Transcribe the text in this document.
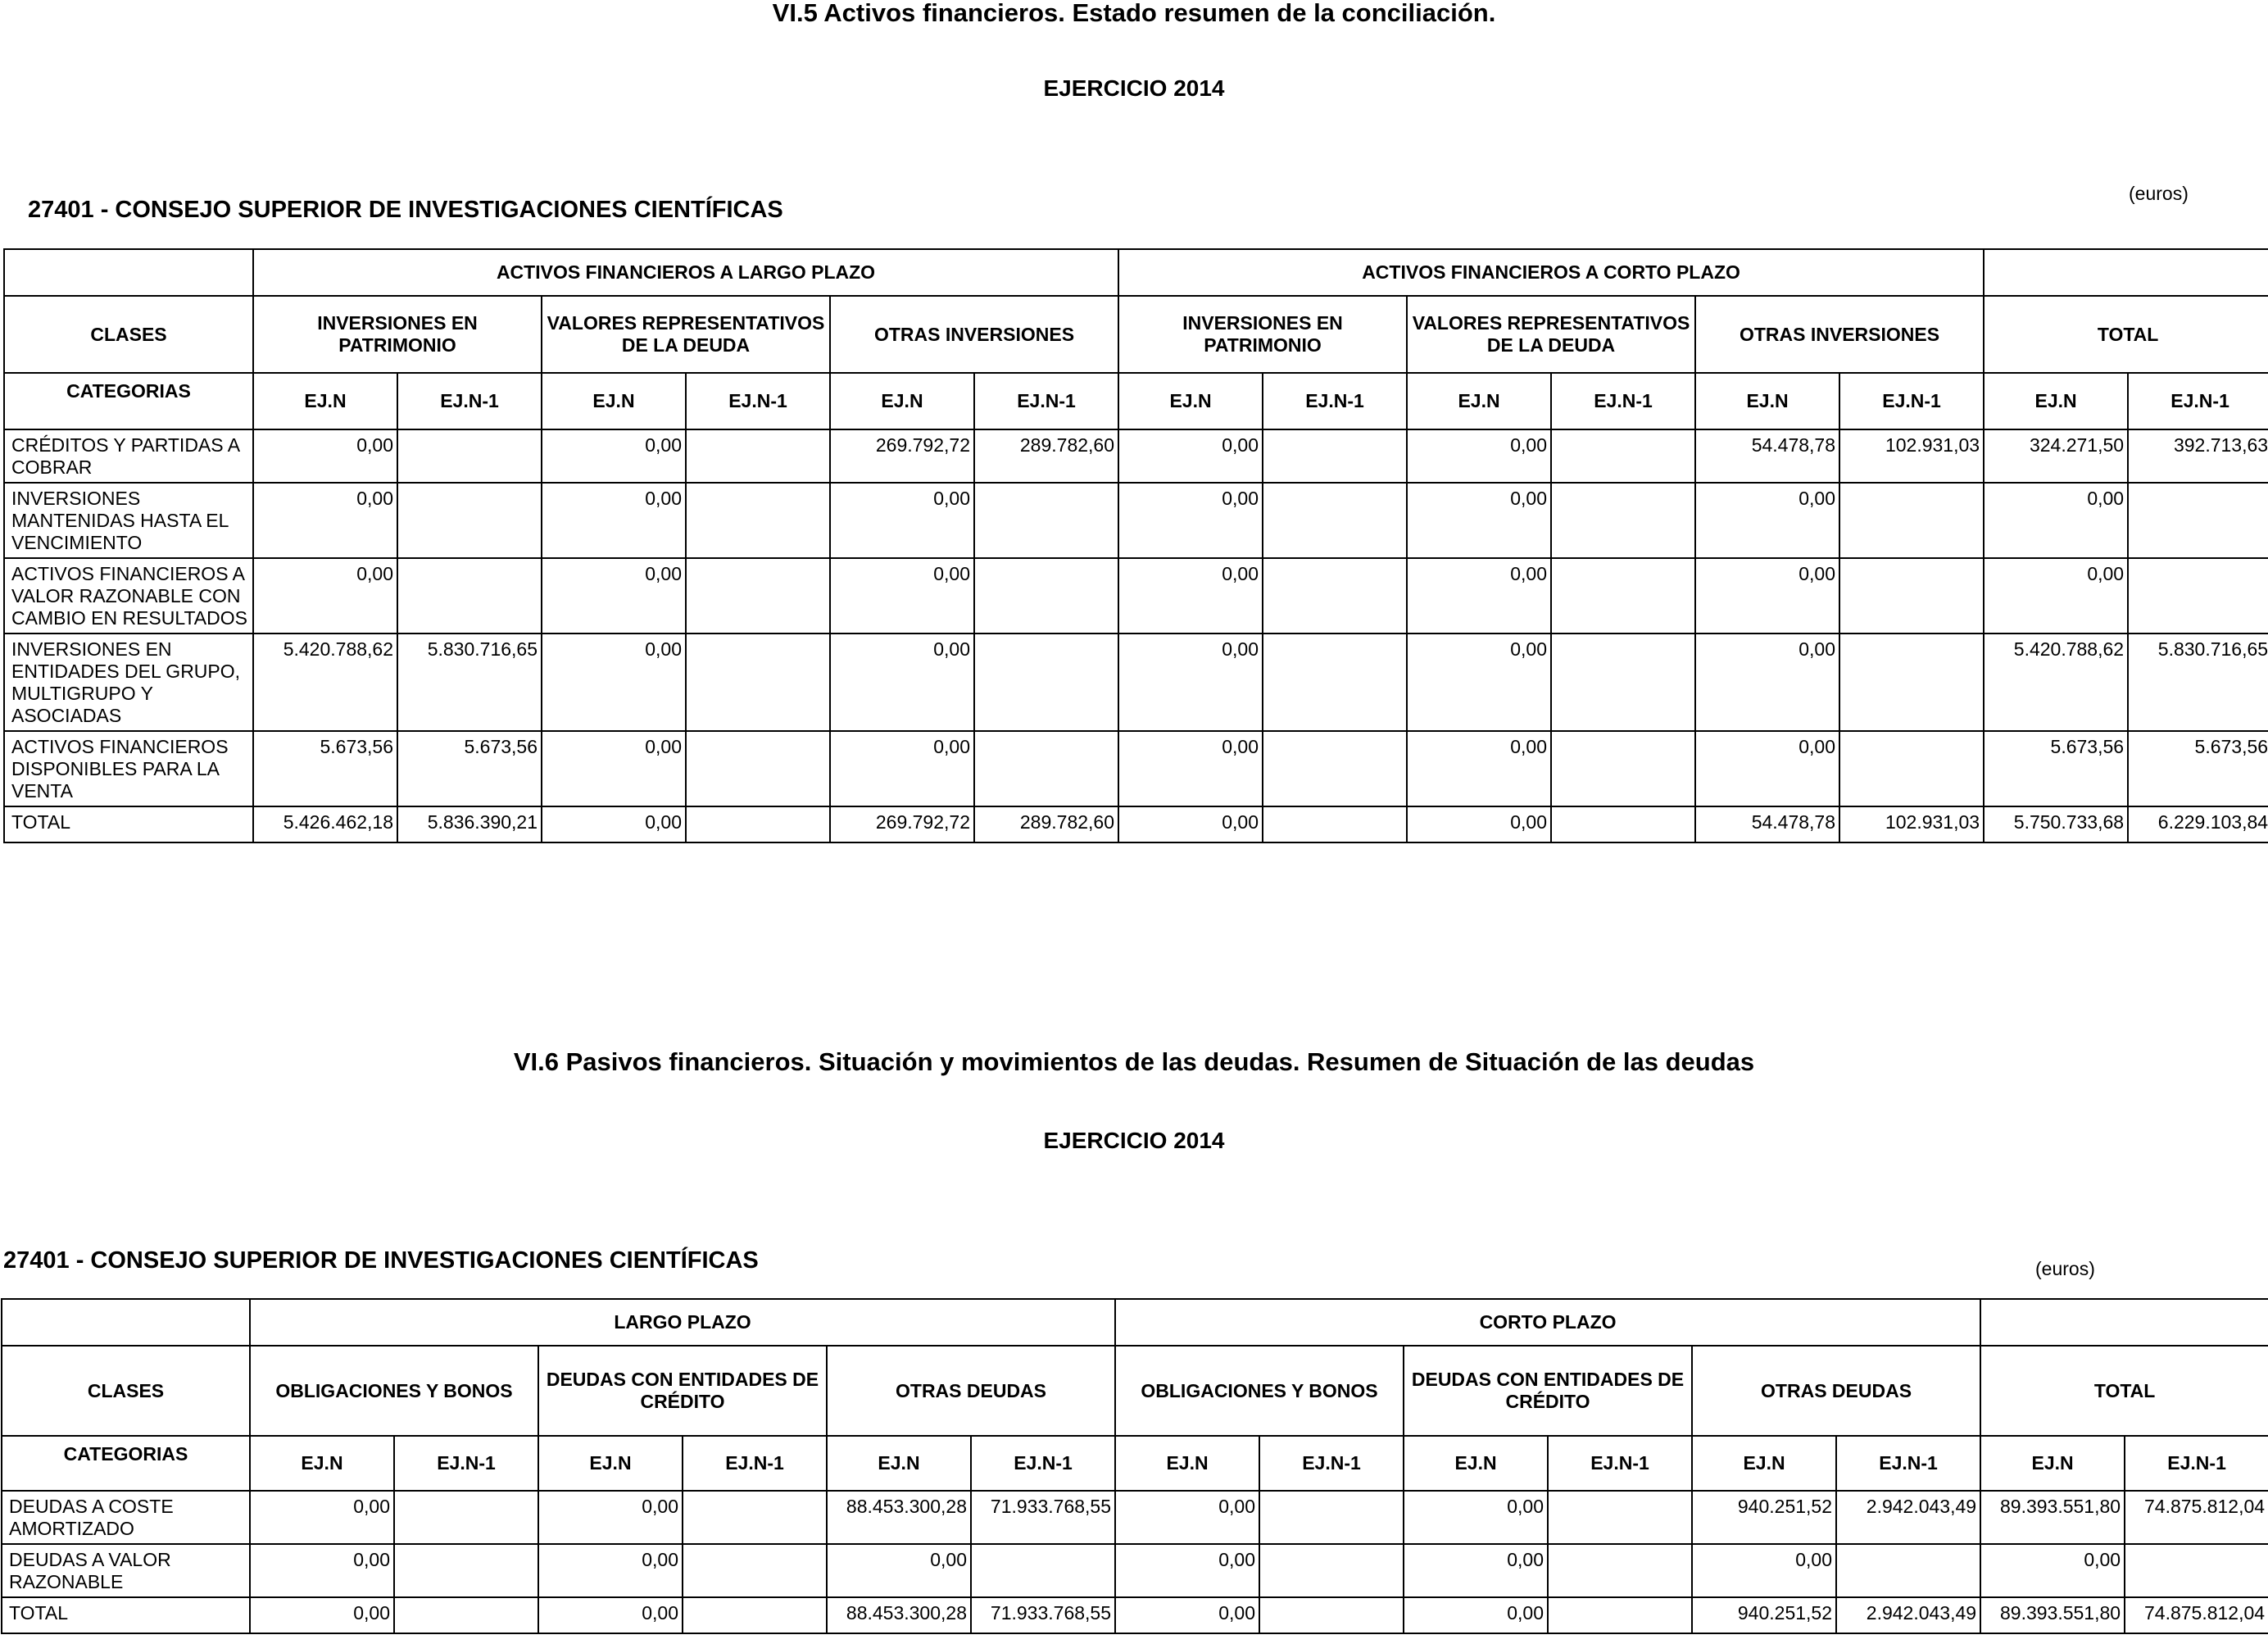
VI.5 Activos financieros. Estado resumen de la conciliación.
EJERCICIO 2014
27401 - CONSEJO SUPERIOR DE INVESTIGACIONES CIENTÍFICAS
(euros)
	ACTIVOS FINANCIEROS A LARGO PLAZO						ACTIVOS FINANCIEROS A CORTO PLAZO							
CLASES	INVERSIONES EN PATRIMONIO		VALORES REPRESENTATIVOS DE LA DEUDA		OTRAS INVERSIONES		INVERSIONES EN PATRIMONIO		VALORES REPRESENTATIVOS DE LA DEUDA		OTRAS INVERSIONES		TOTAL	
CATEGORIAS	EJ.N	EJ.N-1	EJ.N	EJ.N-1	EJ.N	EJ.N-1	EJ.N	EJ.N-1	EJ.N	EJ.N-1	EJ.N	EJ.N-1	EJ.N	EJ.N-1
CRÉDITOS Y PARTIDAS A COBRAR	0,00		0,00		269.792,72	289.782,60	0,00		0,00		54.478,78	102.931,03	324.271,50	392.713,63
INVERSIONES MANTENIDAS HASTA EL VENCIMIENTO	0,00		0,00		0,00		0,00		0,00		0,00		0,00	
ACTIVOS FINANCIEROS A VALOR RAZONABLE CON CAMBIO EN RESULTADOS	0,00		0,00		0,00		0,00		0,00		0,00		0,00	
INVERSIONES EN ENTIDADES DEL GRUPO, MULTIGRUPO Y ASOCIADAS	5.420.788,62	5.830.716,65	0,00		0,00		0,00		0,00		0,00		5.420.788,62	5.830.716,65
ACTIVOS FINANCIEROS DISPONIBLES PARA LA VENTA	5.673,56	5.673,56	0,00		0,00		0,00		0,00		0,00		5.673,56	5.673,56
TOTAL	5.426.462,18	5.836.390,21	0,00		269.792,72	289.782,60	0,00		0,00		54.478,78	102.931,03	5.750.733,68	6.229.103,84
VI.6 Pasivos financieros. Situación y movimientos de las deudas. Resumen de Situación de las deudas
EJERCICIO 2014
27401 - CONSEJO SUPERIOR DE INVESTIGACIONES CIENTÍFICAS	(euros)
	LARGO PLAZO						CORTO PLAZO							
CLASES	OBLIGACIONES Y BONOS		DEUDAS CON ENTIDADES DE CRÉDITO		OTRAS DEUDAS		OBLIGACIONES Y BONOS		DEUDAS CON ENTIDADES DE CRÉDITO		OTRAS DEUDAS		TOTAL	
CATEGORIAS	EJ.N	EJ.N-1	EJ.N	EJ.N-1	EJ.N	EJ.N-1	EJ.N	EJ.N-1	EJ.N	EJ.N-1	EJ.N	EJ.N-1	EJ.N	EJ.N-1
DEUDAS A COSTE AMORTIZADO	0,00		0,00		88.453.300,28	71.933.768,55	0,00		0,00		940.251,52	2.942.043,49	89.393.551,80	74.875.812,04
DEUDAS A VALOR RAZONABLE	0,00		0,00		0,00		0,00		0,00		0,00		0,00	
TOTAL	0,00		0,00		88.453.300,28	71.933.768,55	0,00		0,00		940.251,52	2.942.043,49	89.393.551,80	74.875.812,04
